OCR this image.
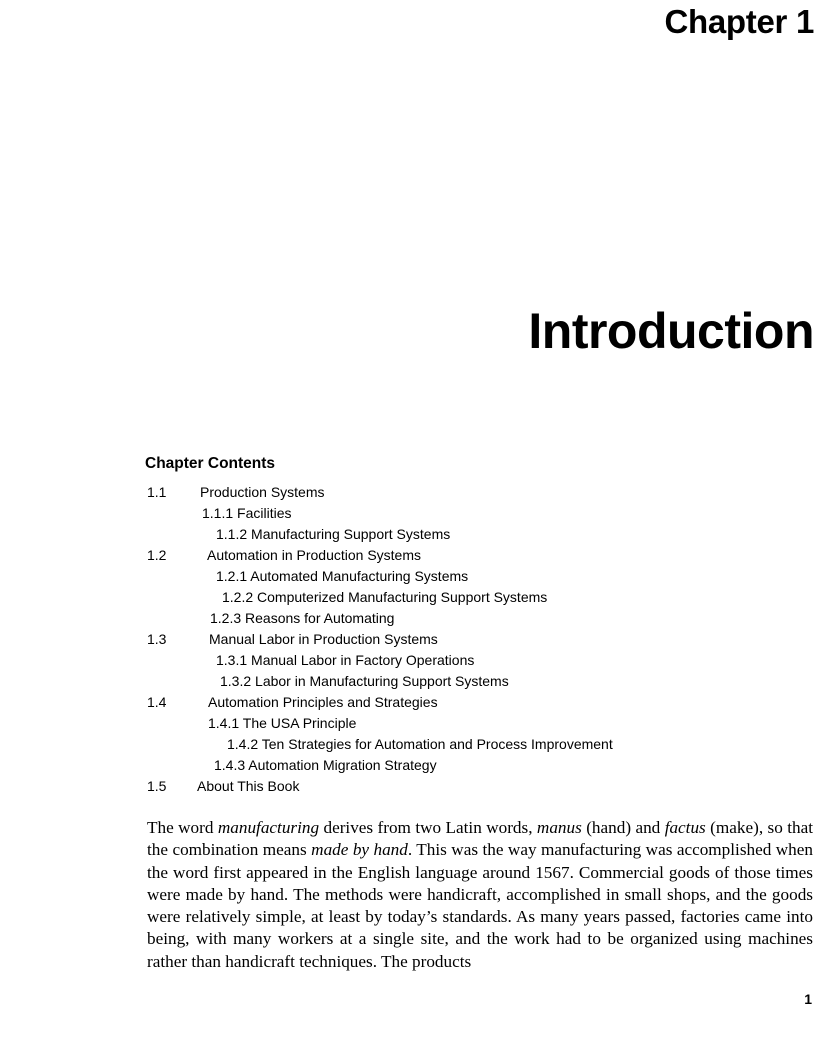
Chapter 1
Introduction
Chapter Contents
1.1 Production Systems
1.1.1 Facilities
1.1.2 Manufacturing Support Systems
1.2	Automation in Production Systems
1.2.1 Automated Manufacturing Systems
1.2.2 Computerized Manufacturing Support Systems
1.2.3 Reasons for Automating
1.3	Manual Labor in Production Systems
1.3.1 Manual Labor in Factory Operations
1.3.2 Labor in Manufacturing Support Systems
1.4	Automation Principles and Strategies
1.4.1 The USA Principle
1.4.2 Ten Strategies for Automation and Process Improvement
1.4.3 Automation Migration Strategy
1.5 About This Book

The word manufacturing derives from two Latin words, manus (hand) and factus (make), so that the combination means made by hand. This was the way manufacturing was accomplished when the word first appeared in the English language around 1567. Commercial goods of those times were made by hand. The methods were handicraft, accomplished in small shops, and the goods were relatively simple, at least by today’s standards. As many years passed, factories came into being, with many workers at a single site, and the work had to be organized using machines rather than handicraft techniques. The products

1
